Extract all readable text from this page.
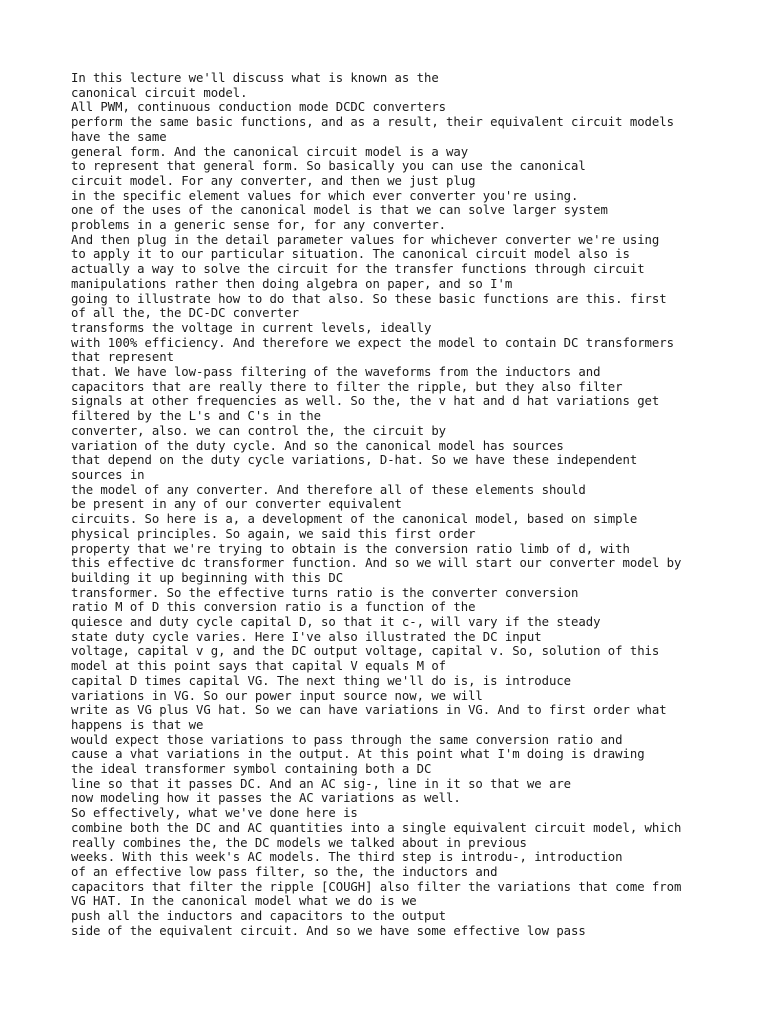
In this lecture we'll discuss what is known as the
canonical circuit model.
All PWM, continuous conduction mode DCDC converters
perform the same basic functions, and as a result, their equivalent circuit models
have the same
general form. And the canonical circuit model is a way
to represent that general form. So basically you can use the canonical
circuit model. For any converter, and then we just plug
in the specific element values for which ever converter you're using.
one of the uses of the canonical model is that we can solve larger system
problems in a generic sense for, for any converter.
And then plug in the detail parameter values for whichever converter we're using
to apply it to our particular situation. The canonical circuit model also is
actually a way to solve the circuit for the transfer functions through circuit
manipulations rather then doing algebra on paper, and so I'm
going to illustrate how to do that also. So these basic functions are this. first
of all the, the DC-DC converter
transforms the voltage in current levels, ideally
with 100% efficiency. And therefore we expect the model to contain DC transformers
that represent
that. We have low-pass filtering of the waveforms from the inductors and
capacitors that are really there to filter the ripple, but they also filter
signals at other frequencies as well. So the, the v hat and d hat variations get
filtered by the L's and C's in the
converter, also. we can control the, the circuit by
variation of the duty cycle. And so the canonical model has sources
that depend on the duty cycle variations, D-hat. So we have these independent
sources in
the model of any converter. And therefore all of these elements should
be present in any of our converter equivalent
circuits. So here is a, a development of the canonical model, based on simple
physical principles. So again, we said this first order
property that we're trying to obtain is the conversion ratio limb of d, with
this effective dc transformer function. And so we will start our converter model by
building it up beginning with this DC
transformer. So the effective turns ratio is the converter conversion
ratio M of D this conversion ratio is a function of the
quiesce and duty cycle capital D, so that it c-, will vary if the steady
state duty cycle varies. Here I've also illustrated the DC input
voltage, capital v g, and the DC output voltage, capital v. So, solution of this
model at this point says that capital V equals M of
capital D times capital VG. The next thing we'll do is, is introduce
variations in VG. So our power input source now, we will
write as VG plus VG hat. So we can have variations in VG. And to first order what
happens is that we
would expect those variations to pass through the same conversion ratio and
cause a vhat variations in the output. At this point what I'm doing is drawing
the ideal transformer symbol containing both a DC
line so that it passes DC. And an AC sig-, line in it so that we are
now modeling how it passes the AC variations as well.
So effectively, what we've done here is
combine both the DC and AC quantities into a single equivalent circuit model, which
really combines the, the DC models we talked about in previous
weeks. With this week's AC models. The third step is introdu-, introduction
of an effective low pass filter, so the, the inductors and
capacitors that filter the ripple [COUGH] also filter the variations that come from
VG HAT. In the canonical model what we do is we
push all the inductors and capacitors to the output
side of the equivalent circuit. And so we have some effective low pass
